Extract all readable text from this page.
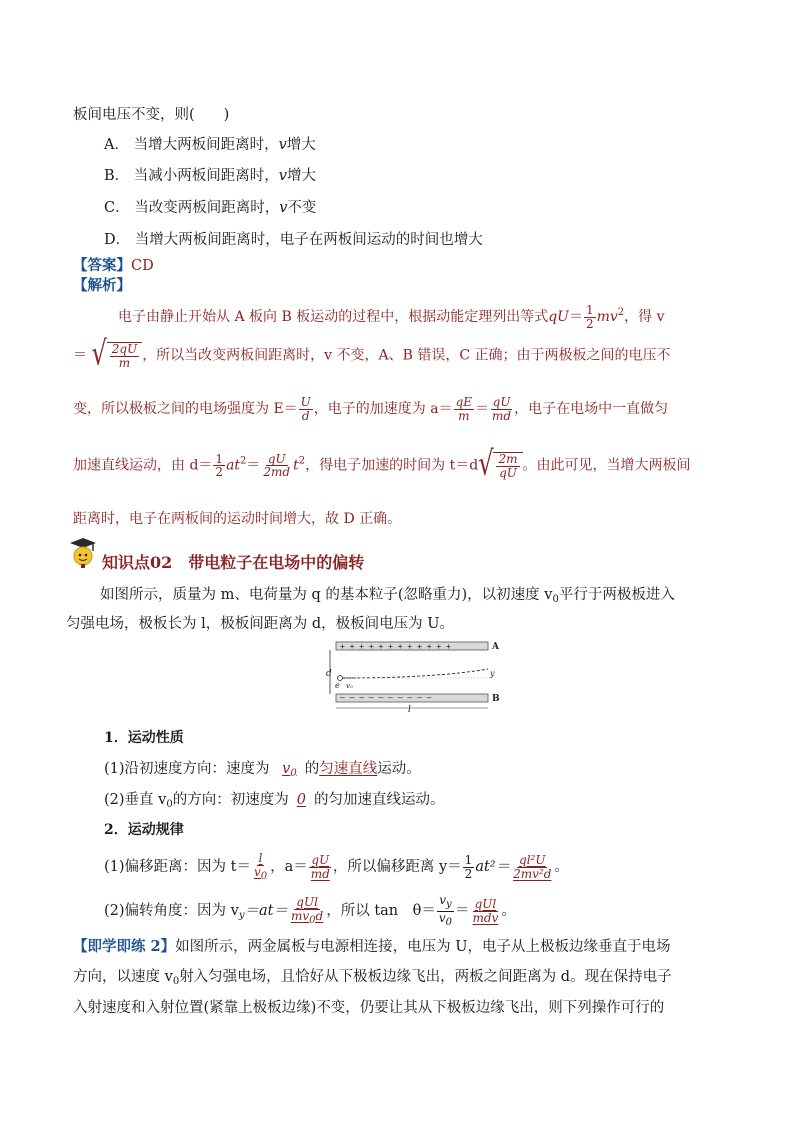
板间电压不变，则(　　)
A． 当增大两板间距离时，v增大
B． 当减小两板间距离时，v增大
C． 当改变两板间距离时，v不变
D． 当增大两板间距离时，电子在两板间运动的时间也增大
【答案】CD
【解析】
电子由静止开始从 A 板向 B 板运动的过程中，根据动能定理列出等式$qU= \frac{1}{2} mv^2$，得 v
＝ √ $\frac{2qU}{m}$ ，所以当改变两板间距离时，v 不变，A、B 错误，C 正确；由于两极板之间的电压不
变，所以极板之间的电场强度为 $E= \frac{U}{d}$ ，电子的加速度为 $a= \frac{qE}{m} = \frac{qU}{md}$ ，电子在电场中一直做匀
加速直线运动，由 $d= \frac{1}{2} at^2= \frac{qU}{2md} t^2$，得电子加速的时间为 t＝d √ $\frac{2m}{qU}$ 。由此可见，当增大两板间
距离时，电子在两板间的运动时间增大，故 D 正确。
知识点02　带电粒子在电场中的偏转
如图所示，质量为 m、电荷量为 q 的基本粒子(忽略重力)，以初速度 $v_0$平行于两极板进入
匀强电场，极板长为 l，极板间距离为 d，极板间电压为 U。
+ + + + + + + + + + + +
— — — — — — — — — —
A
B
d
e v₀
y
l
1．运动性质
(1)沿初速度方向：速度为 $v_0$ 的匀速直线运动。
(2)垂直 $v_0$的方向：初速度为 0 的匀加速直线运动。
2．运动规律
(1)偏移距离：因为 $t= \frac{l}{v_0}$ ，$a= \frac{qU}{md}$ ，所以偏移距离 $y= \frac{1}{2} at^2= \frac{\text{ql²U}}{\text{2mv²d}}$ 。
(2)偏转角度：因为 $v_y=at= \frac{\text{qUl}}{mv_0d}$ ，所以 tan　$\theta= \frac{v_y}{v_0} = \frac{\text{qUl}}{\text{mdv}}$ 。
【即学即练 2】如图所示，两金属板与电源相连接，电压为 U，电子从上极板边缘垂直于电场
方向，以速度 $v_0$射入匀强电场，且恰好从下极板边缘飞出，两板之间距离为 d。现在保持电子
入射速度和入射位置(紧靠上极板边缘)不变，仍要让其从下极板边缘飞出，则下列操作可行的
